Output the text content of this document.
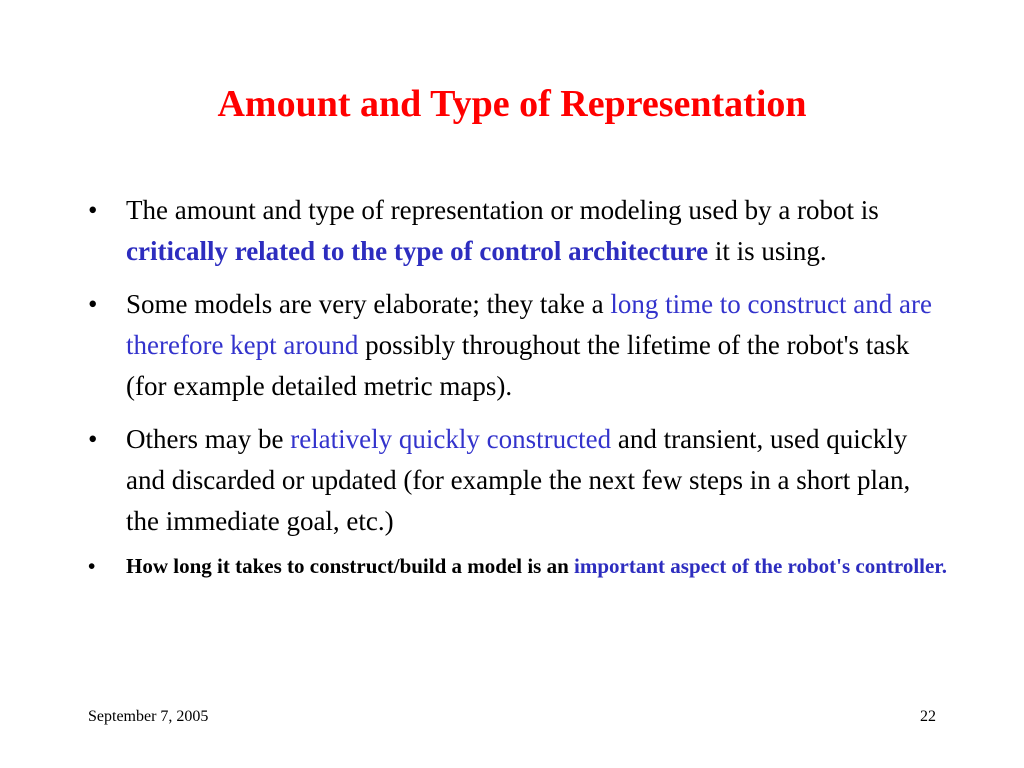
Amount and Type of Representation
• The amount and type of representation or modeling used by a robot is critically related to the type of control architecture it is using.
• Some models are very elaborate; they take a long time to construct and are therefore kept around possibly throughout the lifetime of the robot's task (for example detailed metric maps).
• Others may be relatively quickly constructed and transient, used quickly and discarded or updated (for example the next few steps in a short plan, the immediate goal, etc.)
• How long it takes to construct/build a model is an important aspect of the robot's controller.
September 7, 2005	22
